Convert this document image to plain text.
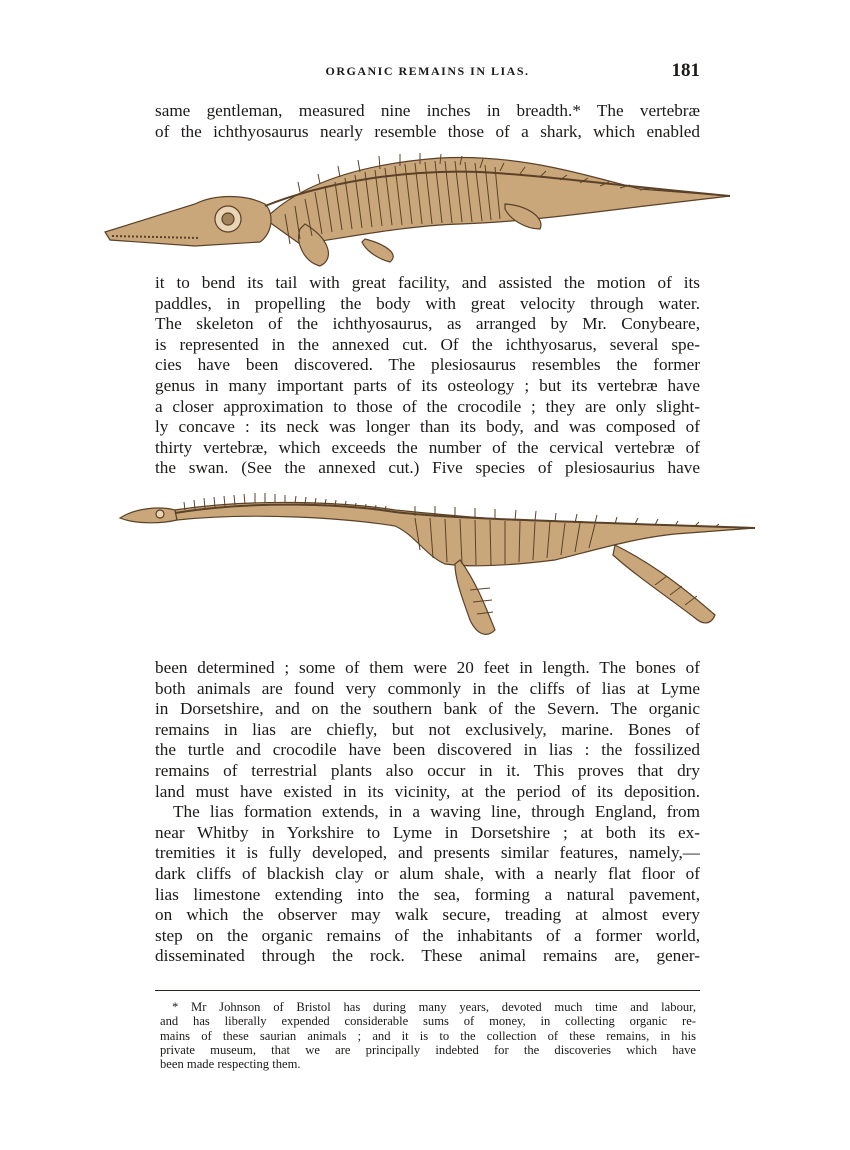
ORGANIC REMAINS IN LIAS.	181
same gentleman, measured nine inches in breadth.* The vertebræ
of the ichthyosaurus nearly resemble those of a shark, which enabled
it to bend its tail with great facility, and assisted the motion of its
paddles, in propelling the body with great velocity through water.
The skeleton of the ichthyosaurus, as arranged by Mr. Conybeare,
is represented in the annexed cut. Of the ichthyosarus, several spe-
cies have been discovered. The plesiosaurus resembles the former
genus in many important parts of its osteology ; but its vertebræ have
a closer approximation to those of the crocodile ; they are only slight-
ly concave : its neck was longer than its body, and was composed of
thirty vertebræ, which exceeds the number of the cervical vertebræ of
the swan. (See the annexed cut.) Five species of plesiosaurius have
been determined ; some of them were 20 feet in length. The bones of
both animals are found very commonly in the cliffs of lias at Lyme
in Dorsetshire, and on the southern bank of the Severn. The organic
remains in lias are chiefly, but not exclusively, marine. Bones of
the turtle and crocodile have been discovered in lias : the fossilized
remains of terrestrial plants also occur in it. This proves that dry
land must have existed in its vicinity, at the period of its deposition.
The lias formation extends, in a waving line, through England, from
near Whitby in Yorkshire to Lyme in Dorsetshire ; at both its ex-
tremities it is fully developed, and presents similar features, namely,—
dark cliffs of blackish clay or alum shale, with a nearly flat floor of
lias limestone extending into the sea, forming a natural pavement,
on which the observer may walk secure, treading at almost every
step on the organic remains of the inhabitants of a former world,
disseminated through the rock. These animal remains are, gener-
* Mr Johnson of Bristol has during many years, devoted much time and labour,
and has liberally expended considerable sums of money, in collecting organic re-
mains of these saurian animals ; and it is to the collection of these remains, in his
private museum, that we are principally indebted for the discoveries which have
been made respecting them.
